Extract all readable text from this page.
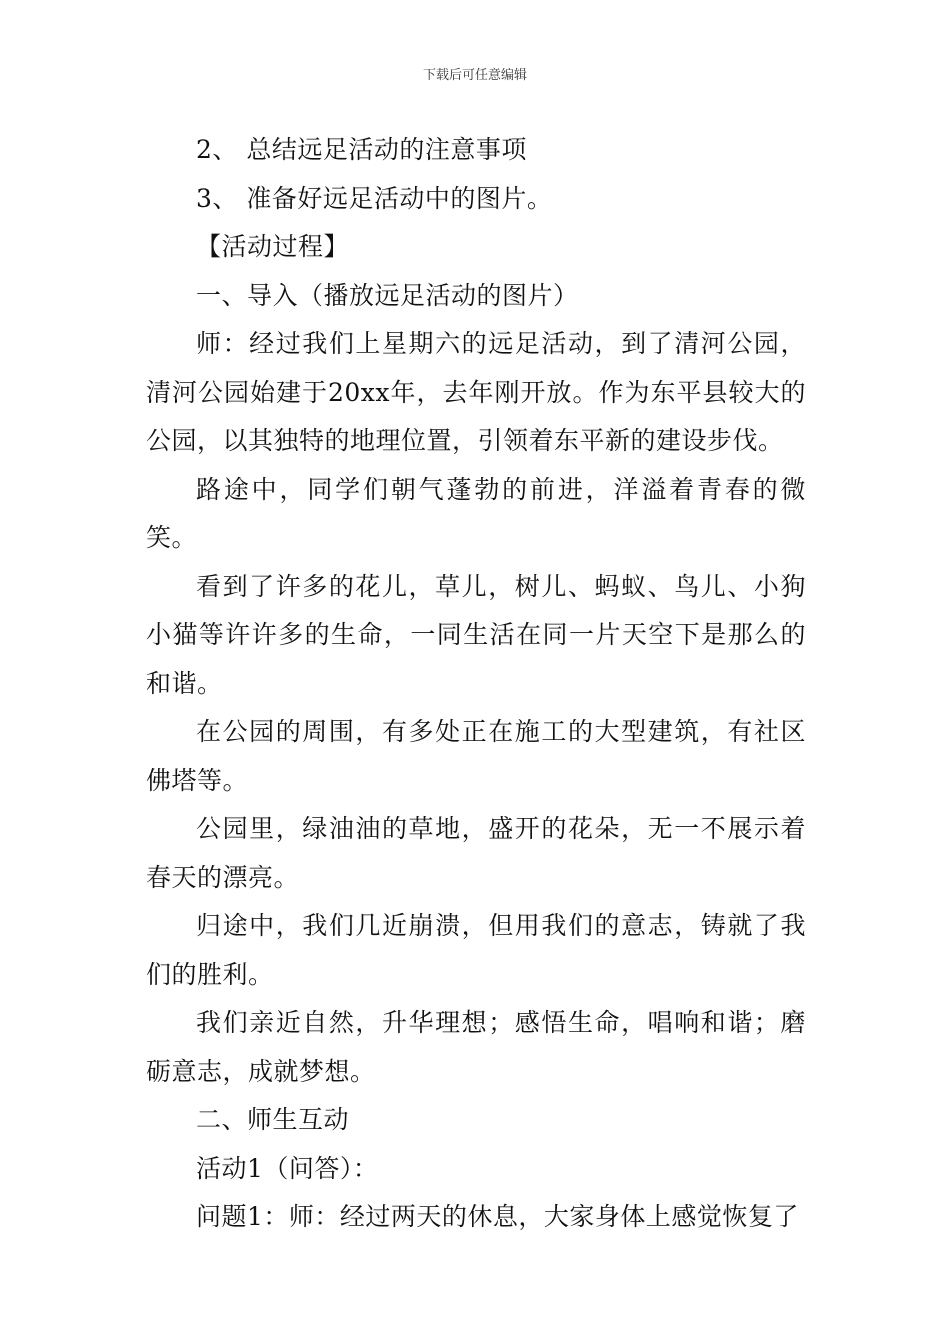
下载后可任意编辑

2、 总结远足活动的注意事项

3、 准备好远足活动中的图片。

【活动过程】

一、导入（播放远足活动的图片）

师：经过我们上星期六的远足活动，到了清河公园，清河公园始建于20xx年，去年刚开放。作为东平县较大的公园，以其独特的地理位置，引领着东平新的建设步伐。

路途中，同学们朝气蓬勃的前进，洋溢着青春的微笑。

看到了许多的花儿，草儿，树儿、蚂蚁、鸟儿、小狗小猫等许许多的生命，一同生活在同一片天空下是那么的和谐。

在公园的周围，有多处正在施工的大型建筑，有社区佛塔等。

公园里，绿油油的草地，盛开的花朵，无一不展示着春天的漂亮。

归途中，我们几近崩溃，但用我们的意志，铸就了我们的胜利。

我们亲近自然，升华理想；感悟生命，唱响和谐；磨砺意志，成就梦想。

二、师生互动

活动1（问答）：

问题1：师：经过两天的休息，大家身体上感觉恢复了
